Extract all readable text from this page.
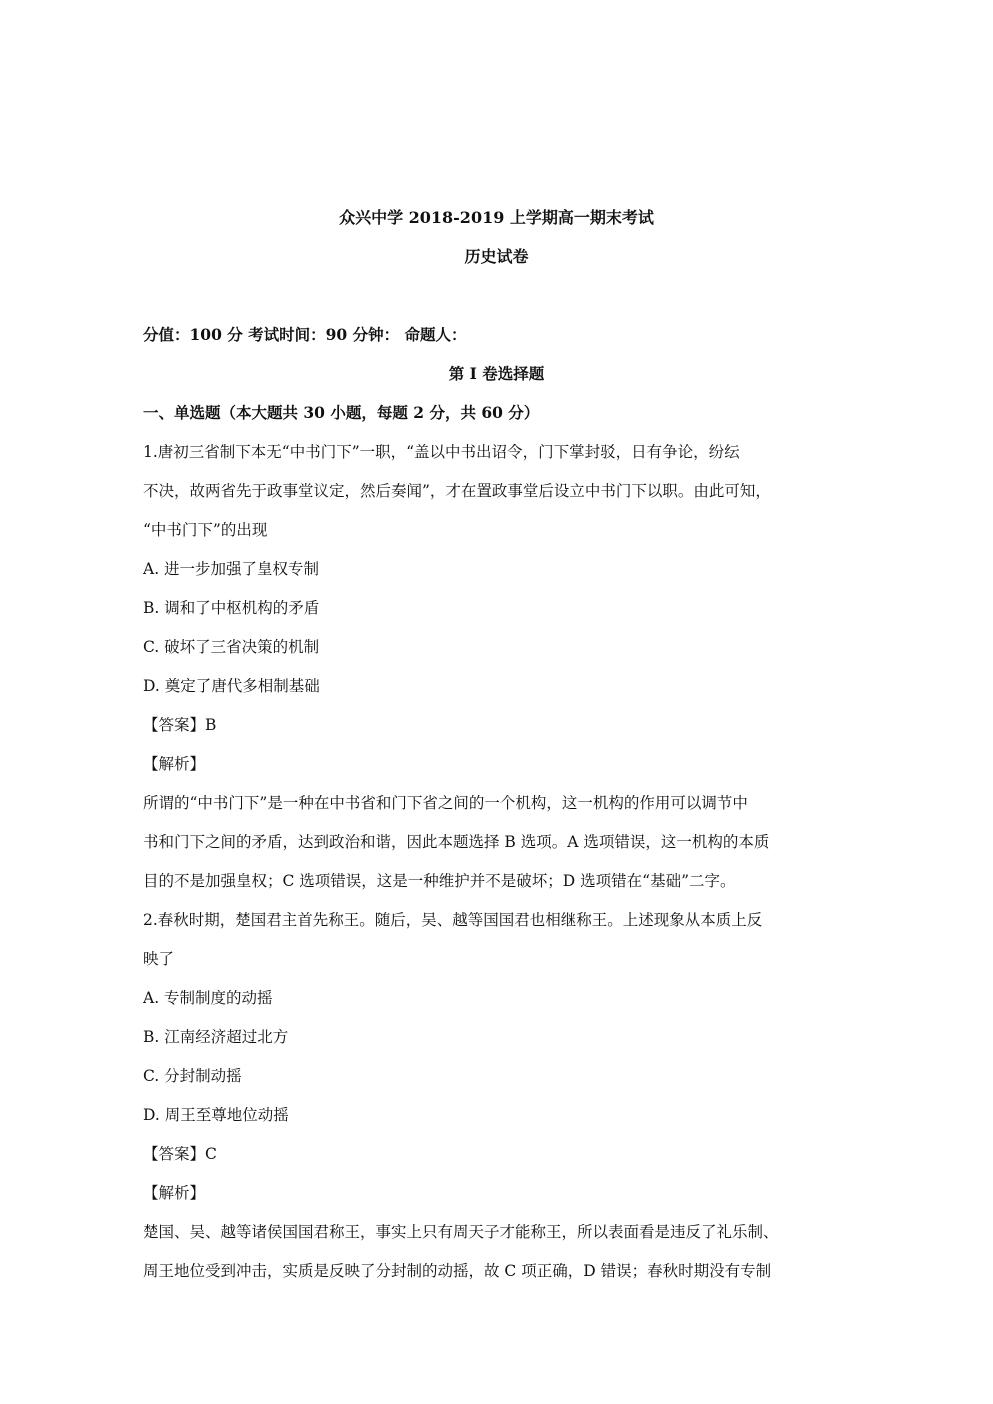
众兴中学 2018-2019 上学期高一期末考试
历史试卷
分值：100 分 考试时间：90 分钟： 命题人：
第 I 卷选择题
一、单选题（本大题共 30 小题，每题 2 分，共 60 分）
1.唐初三省制下本无“中书门下”一职，“盖以中书出诏令，门下掌封驳，日有争论，纷纭
不决，故两省先于政事堂议定，然后奏闻”，才在置政事堂后设立中书门下以职。由此可知，
“中书门下”的出现
A. 进一步加强了皇权专制
B. 调和了中枢机构的矛盾
C. 破坏了三省决策的机制
D. 奠定了唐代多相制基础
【答案】B
【解析】
所谓的“中书门下”是一种在中书省和门下省之间的一个机构，这一机构的作用可以调节中
书和门下之间的矛盾，达到政治和谐，因此本题选择 B 选项。A 选项错误，这一机构的本质
目的不是加强皇权；C 选项错误，这是一种维护并不是破坏；D 选项错在“基础”二字。
2.春秋时期，楚国君主首先称王。随后，吴、越等国国君也相继称王。上述现象从本质上反
映了
A. 专制制度的动摇
B. 江南经济超过北方
C. 分封制动摇
D. 周王至尊地位动摇
【答案】C
【解析】
楚国、吴、越等诸侯国国君称王，事实上只有周天子才能称王，所以表面看是违反了礼乐制、
周王地位受到冲击，实质是反映了分封制的动摇，故 C 项正确，D 错误；春秋时期没有专制
